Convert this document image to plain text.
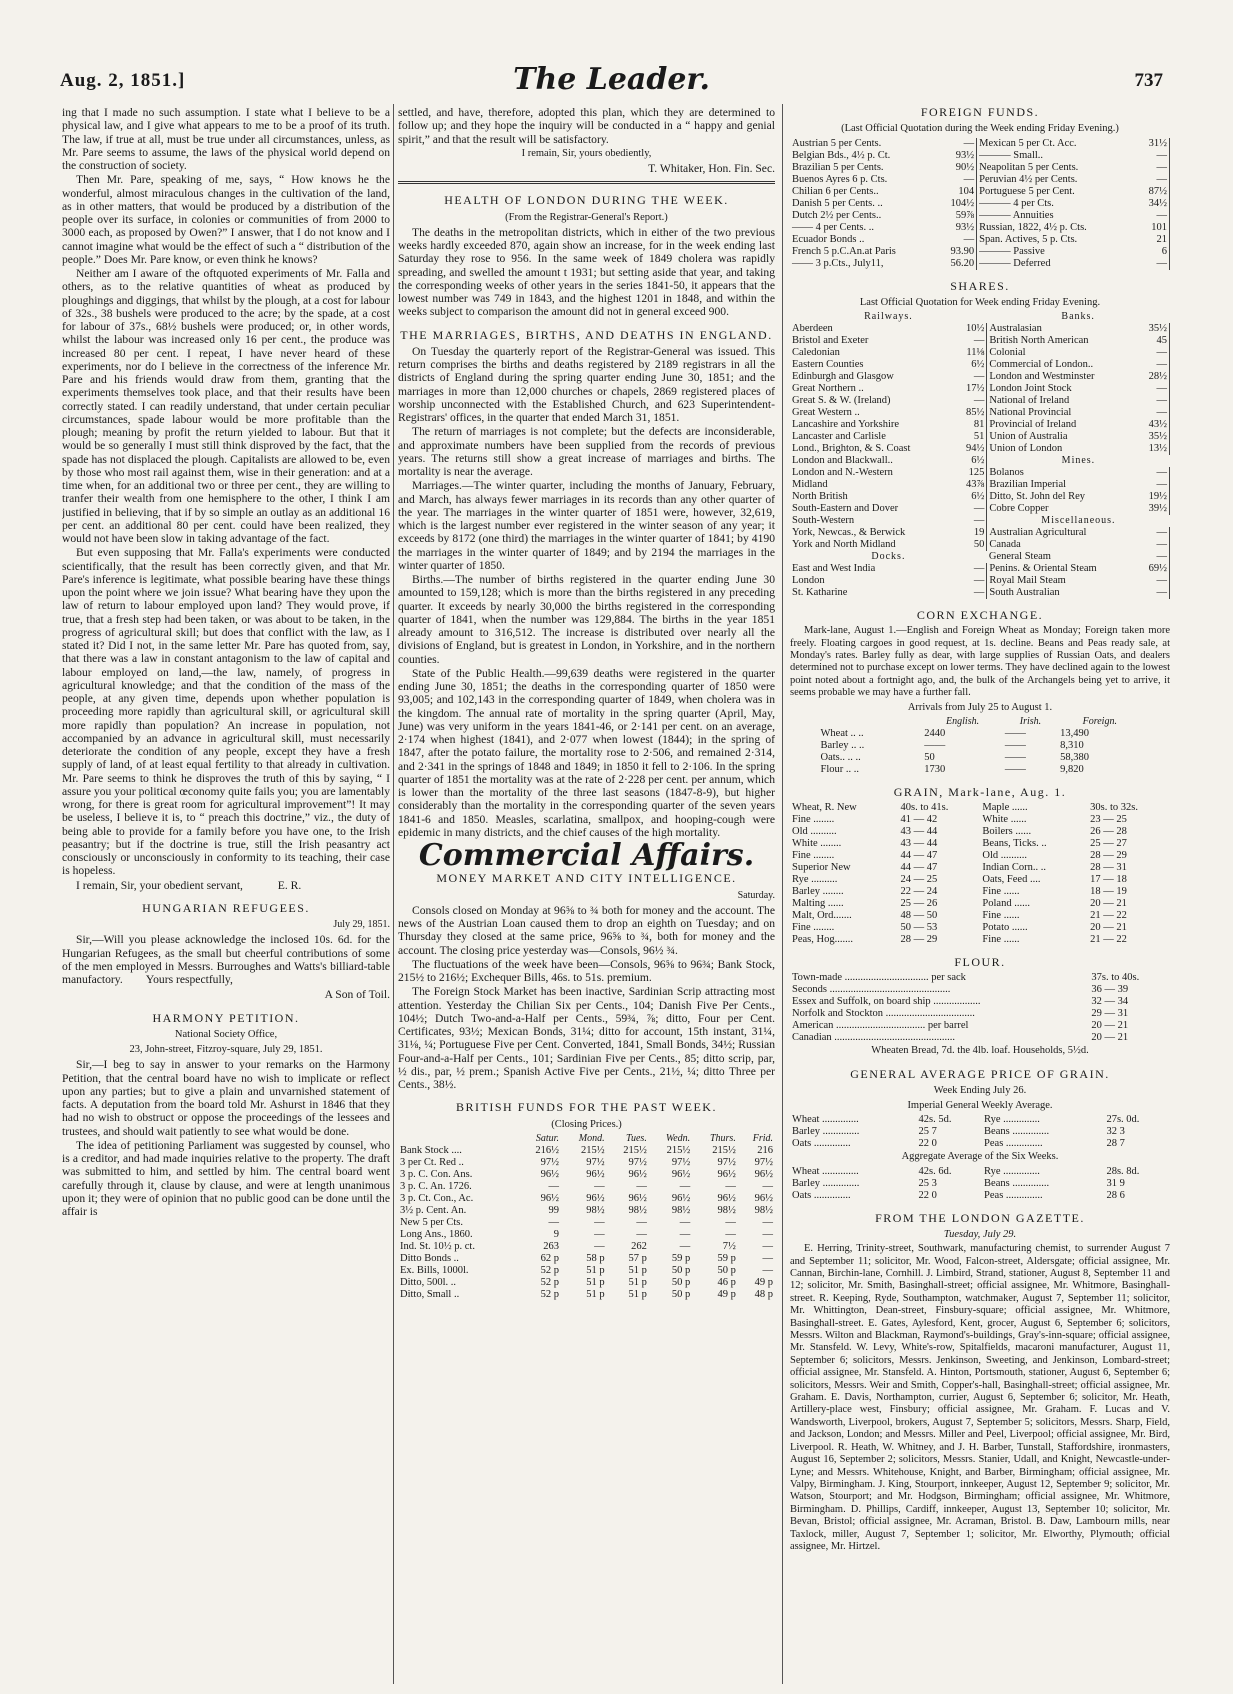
Aug. 2, 1851.]	The Leader.	737

ing that I made no such assumption. I state what I believe to be a physical law, and I give what appears to me to be a proof of its truth. The law, if true at all, must be true under all circumstances, unless, as Mr. Pare seems to assume, the laws of the physical world depend on the construction of society.

Then Mr. Pare, speaking of me, says, “ How knows he the wonderful, almost miraculous changes in the cultivation of the land, as in other matters, that would be produced by a distribution of the people over its surface, in colonies or communities of from 2000 to 3000 each, as proposed by Owen?” I answer, that I do not know and I cannot imagine what would be the effect of such a “ distribution of the people.” Does Mr. Pare know, or even think he knows?

Neither am I aware of the oftquoted experiments of Mr. Falla and others, as to the relative quantities of wheat as produced by ploughings and diggings, that whilst by the plough, at a cost for labour of 32s., 38 bushels were produced to the acre; by the spade, at a cost for labour of 37s., 68½ bushels were produced; or, in other words, whilst the labour was increased only 16 per cent., the produce was increased 80 per cent. I repeat, I have never heard of these experiments, nor do I believe in the correctness of the inference Mr. Pare and his friends would draw from them, granting that the experiments themselves took place, and that their results have been correctly stated. I can readily understand, that under certain peculiar circumstances, spade labour would be more profitable than the plough; meaning by profit the return yielded to labour. But that it would be so generally I must still think disproved by the fact, that the spade has not displaced the plough. Capitalists are allowed to be, even by those who most rail against them, wise in their generation: and at a time when, for an additional two or three per cent., they are willing to tranfer their wealth from one hemisphere to the other, I think I am justified in believing, that if by so simple an outlay as an additional 16 per cent. an additional 80 per cent. could have been realized, they would not have been slow in taking advantage of the fact.

But even supposing that Mr. Falla's experiments were conducted scientifically, that the result has been correctly given, and that Mr. Pare's inference is legitimate, what possible bearing have these things upon the point where we join issue? What bearing have they upon the law of return to labour employed upon land? They would prove, if true, that a fresh step had been taken, or was about to be taken, in the progress of agricultural skill; but does that conflict with the law, as I stated it? Did I not, in the same letter Mr. Pare has quoted from, say, that there was a law in constant antagonism to the law of capital and labour employed on land,—the law, namely, of progress in agricultural knowledge; and that the condition of the mass of the people, at any given time, depends upon whether population is proceeding more rapidly than agricultural skill, or agricultural skill more rapidly than population? An increase in population, not accompanied by an advance in agricultural skill, must necessarily deteriorate the condition of any people, except they have a fresh supply of land, of at least equal fertility to that already in cultivation. Mr. Pare seems to think he disproves the truth of this by saying, “ I assure you your political œconomy quite fails you; you are lamentably wrong, for there is great room for agricultural improvement”! It may be useless, I believe it is, to “ preach this doctrine,” viz., the duty of being able to provide for a family before you have one, to the Irish peasantry; but if the doctrine is true, still the Irish peasantry act consciously or unconsciously in conformity to its teaching, their case is hopeless.

I remain, Sir, your obedient servant,   E. R.

HUNGARIAN REFUGEES.
July 29, 1851.

Sir,—Will you please acknowledge the inclosed 10s. 6d. for the Hungarian Refugees, as the small but cheerful contributions of some of the men employed in Messrs. Burroughes and Watts's billiard-table manufactory.  Yours respectfully,

A Son of Toil.
HARMONY PETITION.
National Society Office,
23, John-street, Fitzroy-square, July 29, 1851.

Sir,—I beg to say in answer to your remarks on the Harmony Petition, that the central board have no wish to implicate or reflect upon any parties; but to give a plain and unvarnished statement of facts. A deputation from the board told Mr. Ashurst in 1846 that they had no wish to obstruct or oppose the proceedings of the lessees and trustees, and should wait patiently to see what would be done.

The idea of petitioning Parliament was suggested by counsel, who is a creditor, and had made inquiries relative to the property. The draft was submitted to him, and settled by him. The central board went carefully through it, clause by clause, and were at length unanimous upon it; they were of opinion that no public good can be done until the affair is

settled, and have, therefore, adopted this plan, which they are determined to follow up; and they hope the inquiry will be conducted in a “ happy and genial spirit,” and that the result will be satisfactory.

I remain, Sir, yours obediently,
T. Whitaker, Hon. Fin. Sec.
HEALTH OF LONDON DURING THE WEEK.
(From the Registrar-General's Report.)

The deaths in the metropolitan districts, which in either of the two previous weeks hardly exceeded 870, again show an increase, for in the week ending last Saturday they rose to 956. In the same week of 1849 cholera was rapidly spreading, and swelled the amount t 1931; but setting aside that year, and taking the corresponding weeks of other years in the series 1841-50, it appears that the lowest number was 749 in 1843, and the highest 1201 in 1848, and within the weeks subject to comparison the amount did not in general exceed 900.

THE MARRIAGES, BIRTHS, AND DEATHS IN ENGLAND.

On Tuesday the quarterly report of the Registrar-General was issued. This return comprises the births and deaths registered by 2189 registrars in all the districts of England during the spring quarter ending June 30, 1851; and the marriages in more than 12,000 churches or chapels, 2869 registered places of worship unconnected with the Established Church, and 623 Superintendent-Registrars' offices, in the quarter that ended March 31, 1851.

The return of marriages is not complete; but the defects are inconsiderable, and approximate numbers have been supplied from the records of previous years. The returns still show a great increase of marriages and births. The mortality is near the average.

Marriages.—The winter quarter, including the months of January, February, and March, has always fewer marriages in its records than any other quarter of the year. The marriages in the winter quarter of 1851 were, however, 32,619, which is the largest number ever registered in the winter season of any year; it exceeds by 8172 (one third) the marriages in the winter quarter of 1841; by 4190 the marriages in the winter quarter of 1849; and by 2194 the marriages in the winter quarter of 1850.

Births.—The number of births registered in the quarter ending June 30 amounted to 159,128; which is more than the births registered in any preceding quarter. It exceeds by nearly 30,000 the births registered in the corresponding quarter of 1841, when the number was 129,884. The births in the year 1851 already amount to 316,512. The increase is distributed over nearly all the divisions of England, but is greatest in London, in Yorkshire, and in the northern counties.

State of the Public Health.—99,639 deaths were registered in the quarter ending June 30, 1851; the deaths in the corresponding quarter of 1850 were 93,005; and 102,143 in the corresponding quarter of 1849, when cholera was in the kingdom. The annual rate of mortality in the spring quarter (April, May, June) was very uniform in the years 1841-46, or 2·141 per cent. on an average, 2·174 when highest (1841), and 2·077 when lowest (1844); in the spring of 1847, after the potato failure, the mortality rose to 2·506, and remained 2·314, and 2·341 in the springs of 1848 and 1849; in 1850 it fell to 2·106. In the spring quarter of 1851 the mortality was at the rate of 2·228 per cent. per annum, which is lower than the mortality of the three last seasons (1847-8-9), but higher considerably than the mortality in the corresponding quarter of the seven years 1841-6 and 1850. Measles, scarlatina, smallpox, and hooping-cough were epidemic in many districts, and the chief causes of the high mortality.

Commercial Affairs.
MONEY MARKET AND CITY INTELLIGENCE.
Saturday.

Consols closed on Monday at 96⅝ to ¾ both for money and the account. The news of the Austrian Loan caused them to drop an eighth on Tuesday; and on Thursday they closed at the same price, 96⅝ to ¾, both for money and the account. The closing price yesterday was—Consols, 96½ ¾.

The fluctuations of the week have been—Consols, 96⅝ to 96¾; Bank Stock, 215½ to 216½; Exchequer Bills, 46s. to 51s. premium.

The Foreign Stock Market has been inactive, Sardinian Scrip attracting most attention. Yesterday the Chilian Six per Cents., 104; Danish Five Per Cents., 104½; Dutch Two-and-a-Half per Cents., 59¾, ⅞; ditto, Four per Cent. Certificates, 93½; Mexican Bonds, 31¼; ditto for account, 15th instant, 31¼, 31⅛, ¼; Portuguese Five per Cent. Converted, 1841, Small Bonds, 34½; Russian Four-and-a-Half per Cents., 101; Sardinian Five per Cents., 85; ditto scrip, par, ½ dis., par, ½ prem.; Spanish Active Five per Cents., 21½, ¼; ditto Three per Cents., 38½.

BRITISH FUNDS FOR THE PAST WEEK.
(Closing Prices.)
	Satur.	Mond.	Tues.	Wedn.	Thurs.	Frid.
Bank Stock ....	216½	215½	215½	215½	215½	216
3 per Ct. Red ..	97½	97½	97½	97½	97½	97½
3 p. C. Con. Ans.	96½	96½	96½	96½	96½	96½
3 p. C. An. 1726.	—	—	—	—	—	—
3 p. Ct. Con., Ac.	96½	96½	96½	96½	96½	96½
3½ p. Cent. An.	99	98½	98½	98½	98½	98½
New 5 per Cts.	—	—	—	—	—	—
Long Ans., 1860.	9	—	—	—	—	—
Ind. St. 10½ p. ct.	263	—	262	—	7½	—
Ditto Bonds ..	62 p	58 p	57 p	59 p	59 p	—
Ex. Bills, 1000l.	52 p	51 p	51 p	50 p	50 p	—
Ditto, 500l. ..	52 p	51 p	51 p	50 p	46 p	49 p
Ditto, Small ..	52 p	51 p	51 p	50 p	49 p	48 p
FOREIGN FUNDS.
(Last Official Quotation during the Week ending Friday Evening.)
Austrian 5 per Cents.	—	Mexican 5 per Ct. Acc.	31½
Belgian Bds., 4½ p. Ct.	93½	——— Small..	—
Brazilian 5 per Cents.	90½	Neapolitan 5 per Cents.	—
Buenos Ayres 6 p. Cts.	—	Peruvian 4½ per Cents.	—
Chilian 6 per Cents..	104	Portuguese 5 per Cent.	87½
Danish 5 per Cents. ..	104½	——— 4 per Cts.	34½
Dutch 2½ per Cents..	59⅞	——— Annuities	—
—— 4 per Cents. ..	93½	Russian, 1822, 4½ p. Cts.	101
Ecuador Bonds ..	—	Span. Actives, 5 p. Cts.	21
French 5 p.C.An.at Paris	93.90	——— Passive	6
—— 3 p.Cts., July11,	56.20	——— Deferred	—
SHARES.
Last Official Quotation for Week ending Friday Evening.
Railways.		Banks.	
Aberdeen	10½	Australasian	35½
Bristol and Exeter	—	British North American	45
Caledonian	11⅛	Colonial	—
Eastern Counties	6½	Commercial of London..	—
Edinburgh and Glasgow	—	London and Westminster	28½
Great Northern ..	17½	London Joint Stock	—
Great S. & W. (Ireland)	—	National of Ireland	—
Great Western ..	85½	National Provincial	—
Lancashire and Yorkshire	81	Provincial of Ireland	43½
Lancaster and Carlisle	51	Union of Australia	35½
Lond., Brighton, & S. Coast	94½	Union of London	13½
London and Blackwall..	6½	Mines.	
London and N.-Western	125	Bolanos	—
Midland	43⅞	Brazilian Imperial	—
North British	6½	Ditto, St. John del Rey	19½
South-Eastern and Dover	—	Cobre Copper	39½
South-Western	—	Miscellaneous.	
York, Newcas., & Berwick	19	Australian Agricultural	—
York and North Midland	50	Canada	—
Docks.		General Steam	—
East and West India	—	Penins. & Oriental Steam	69½
London	—	Royal Mail Steam	—
St. Katharine	—	South Australian	—
CORN EXCHANGE.

Mark-lane, August 1.—English and Foreign Wheat as Monday; Foreign taken more freely. Floating cargoes in good request, at 1s. decline. Beans and Peas ready sale, at Monday's rates. Barley fully as dear, with large supplies of Russian Oats, and dealers determined not to purchase except on lower terms. They have declined again to the lowest point noted about a fortnight ago, and, the bulk of the Archangels being yet to arrive, it seems probable we may have a further fall.

Arrivals from July 25 to August 1.
	English.	Irish.	Foreign.
Wheat .. ..	2440	——	13,490
Barley .. ..	——	——	8,310
Oats.. .. ..	50	——	58,380
Flour .. ..	1730	——	9,820
GRAIN, Mark-lane, Aug. 1.
Wheat, R. New	40s. to 41s.	Maple ......	30s. to 32s.
Fine ........	41 — 42	White ......	23 — 25
Old ..........	43 — 44	Boilers ......	26 — 28
White ........	43 — 44	Beans, Ticks. ..	25 — 27
Fine ........	44 — 47	Old ..........	28 — 29
Superior New	44 — 47	Indian Corn.. ..	28 — 31
Rye ..........	24 — 25	Oats, Feed ....	17 — 18
Barley ........	22 — 24	Fine ......	18 — 19
Malting ......	25 — 26	Poland ......	20 — 21
Malt, Ord.......	48 — 50	Fine ......	21 — 22
Fine ........	50 — 53	Potato ......	20 — 21
Peas, Hog.......	28 — 29	Fine ......	21 — 22
FLOUR.
Town-made ................................ per sack	37s. to 40s.
Seconds ..............................................	36 — 39
Essex and Suffolk, on board ship ..................	32 — 34
Norfolk and Stockton ..................................	29 — 31
American .................................. per barrel	20 — 21
Canadian ..............................................	20 — 21
Wheaten Bread, 7d. the 4lb. loaf. Households, 5½d.
GENERAL AVERAGE PRICE OF GRAIN.
Week Ending July 26.
Imperial General Weekly Average.
Wheat ..............	42s. 5d.	Rye ..............	27s. 0d.
Barley ..............	25 7	Beans ..............	32 3
Oats ..............	22 0	Peas ..............	28 7
Aggregate Average of the Six Weeks.
Wheat ..............	42s. 6d.	Rye ..............	28s. 8d.
Barley ..............	25 3	Beans ..............	31 9
Oats ..............	22 0	Peas ..............	28 6
FROM THE LONDON GAZETTE.
Tuesday, July 29.

E. Herring, Trinity-street, Southwark, manufacturing chemist, to surrender August 7 and September 11; solicitor, Mr. Wood, Falcon-street, Aldersgate; official assignee, Mr. Cannan, Birchin-lane, Cornhill. J. Limbird, Strand, stationer, August 8, September 11 and 12; solicitor, Mr. Smith, Basinghall-street; official assignee, Mr. Whitmore, Basinghall-street. R. Keeping, Ryde, Southampton, watchmaker, August 7, September 11; solicitor, Mr. Whittington, Dean-street, Finsbury-square; official assignee, Mr. Whitmore, Basinghall-street. E. Gates, Aylesford, Kent, grocer, August 6, September 6; solicitors, Messrs. Wilton and Blackman, Raymond's-buildings, Gray's-inn-square; official assignee, Mr. Stansfeld. W. Levy, White's-row, Spitalfields, macaroni manufacturer, August 11, September 6; solicitors, Messrs. Jenkinson, Sweeting, and Jenkinson, Lombard-street; official assignee, Mr. Stansfeld. A. Hinton, Portsmouth, stationer, August 6, September 6; solicitors, Messrs. Weir and Smith, Copper's-hall, Basinghall-street; official assignee, Mr. Graham. E. Davis, Northampton, currier, August 6, September 6; solicitor, Mr. Heath, Artillery-place west, Finsbury; official assignee, Mr. Graham. F. Lucas and V. Wandsworth, Liverpool, brokers, August 7, September 5; solicitors, Messrs. Sharp, Field, and Jackson, London; and Messrs. Miller and Peel, Liverpool; official assignee, Mr. Bird, Liverpool. R. Heath, W. Whitney, and J. H. Barber, Tunstall, Staffordshire, ironmasters, August 16, September 2; solicitors, Messrs. Stanier, Udall, and Knight, Newcastle-under-Lyne; and Messrs. Whitehouse, Knight, and Barber, Birmingham; official assignee, Mr. Valpy, Birmingham. J. King, Stourport, innkeeper, August 12, September 9; solicitor, Mr. Watson, Stourport; and Mr. Hodgson, Birmingham; official assignee, Mr. Whitmore, Birmingham. D. Phillips, Cardiff, innkeeper, August 13, September 10; solicitor, Mr. Bevan, Bristol; official assignee, Mr. Acraman, Bristol. B. Daw, Lambourn mills, near Taxlock, miller, August 7, September 1; solicitor, Mr. Elworthy, Plymouth; official assignee, Mr. Hirtzel.
